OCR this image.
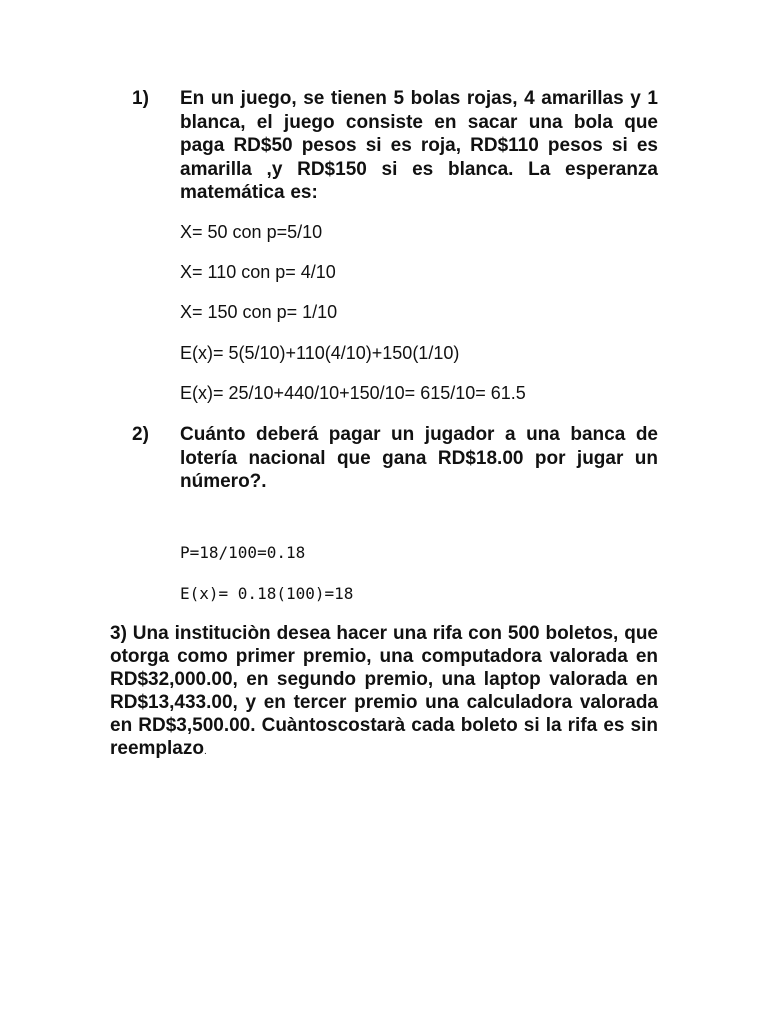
1) En un juego, se tienen 5 bolas rojas, 4 amarillas y 1 blanca, el juego consiste en sacar una bola que paga RD$50 pesos si es roja, RD$110 pesos si es amarilla ,y RD$150 si es blanca. La esperanza matemática es:
X= 50 con p=5/10
X= 110 con p= 4/10
X= 150 con p= 1/10
E(x)= 5(5/10)+110(4/10)+150(1/10)
E(x)= 25/10+440/10+150/10= 615/10= 61.5
2) Cuánto deberá pagar un jugador a una banca de lotería nacional que gana RD$18.00 por jugar un número?.
P=18/100=0.18
E(x)= 0.18(100)=18
3) Una instituciòn desea hacer una rifa con 500 boletos, que otorga como primer premio, una computadora valorada en RD$32,000.00, en segundo premio, una laptop valorada en RD$13,433.00, y en tercer premio una calculadora valorada en RD$3,500.00. Cuàntoscostarà cada boleto si la rifa es sin reemplazo.
